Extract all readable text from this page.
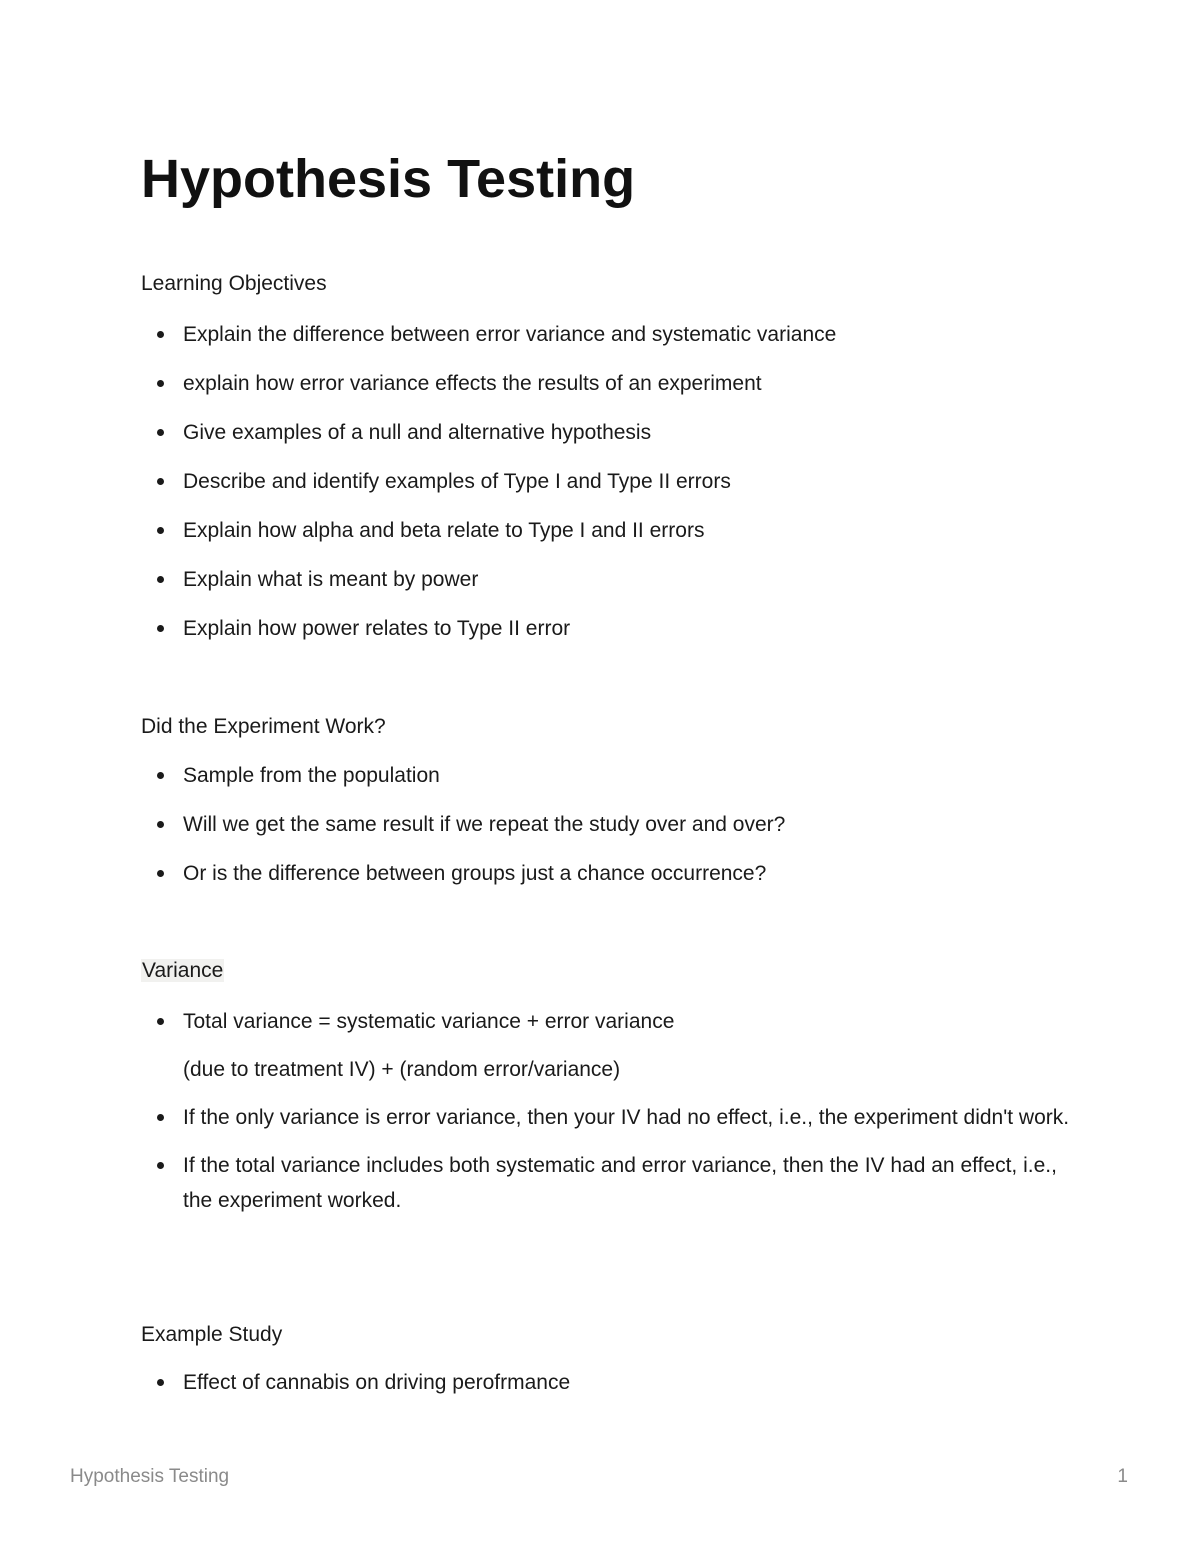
Hypothesis Testing

Learning Objectives

Explain the difference between error variance and systematic variance
explain how error variance effects the results of an experiment
Give examples of a null and alternative hypothesis
Describe and identify examples of Type I and Type II errors
Explain how alpha and beta relate to Type I and II errors
Explain what is meant by power
Explain how power relates to Type II error

Did the Experiment Work?

Sample from the population
Will we get the same result if we repeat the study over and over?
Or is the difference between groups just a chance occurrence?

Variance

Total variance = systematic variance + error variance
(due to treatment IV) + (random error/variance)
If the only variance is error variance, then your IV had no effect, i.e., the experiment didn't work.
If the total variance includes both systematic and error variance, then the IV had an effect, i.e., the experiment worked.

Example Study

Effect of cannabis on driving perofrmance
Hypothesis Testing	1
